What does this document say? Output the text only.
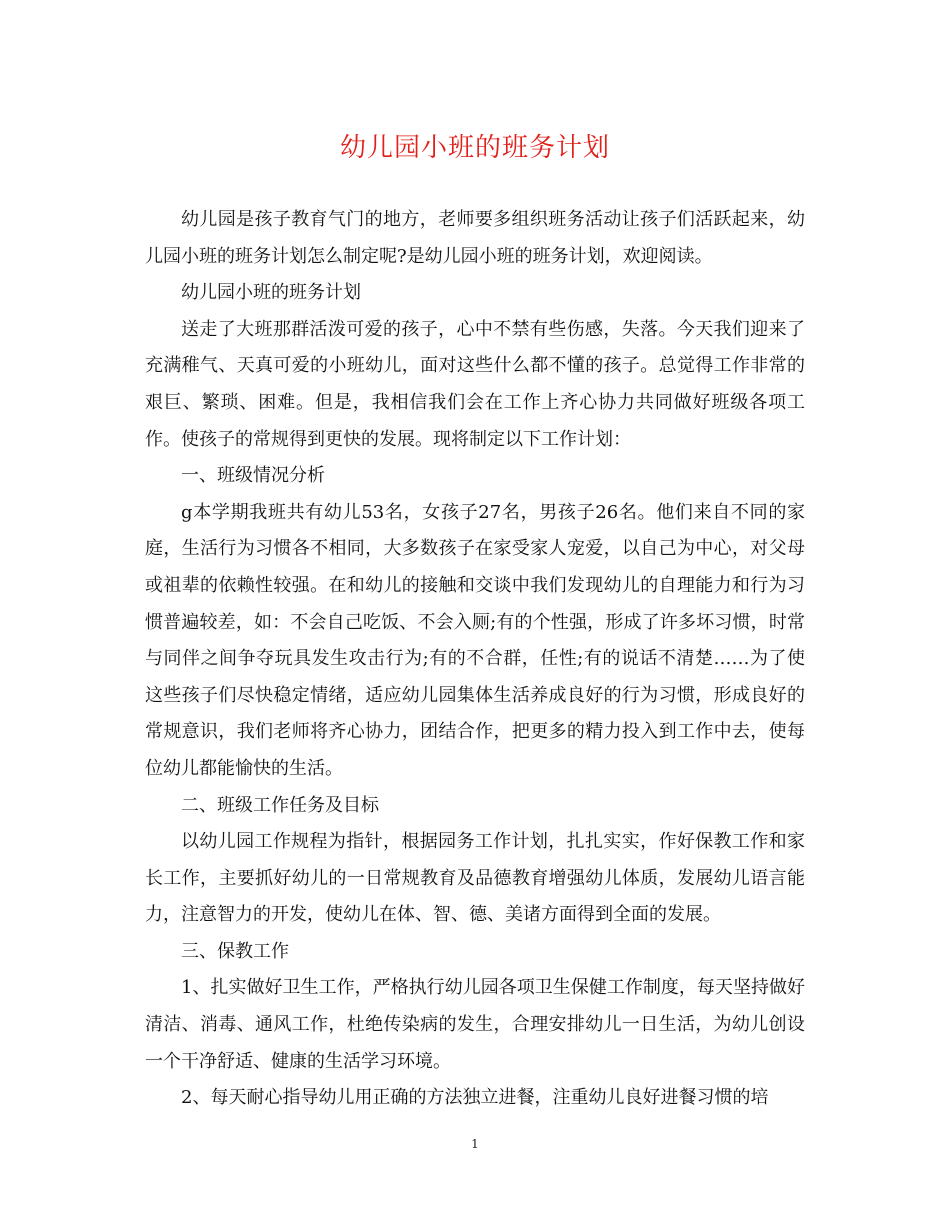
幼儿园小班的班务计划

幼儿园是孩子教育气门的地方，老师要多组织班务活动让孩子们活跃起来，幼儿园小班的班务计划怎么制定呢?是幼儿园小班的班务计划，欢迎阅读。

幼儿园小班的班务计划

送走了大班那群活泼可爱的孩子，心中不禁有些伤感，失落。今天我们迎来了充满稚气、天真可爱的小班幼儿，面对这些什么都不懂的孩子。总觉得工作非常的艰巨、繁琐、困难。但是，我相信我们会在工作上齐心协力共同做好班级各项工作。使孩子的常规得到更快的发展。现将制定以下工作计划：

一、班级情况分析

g本学期我班共有幼儿53名，女孩子27名，男孩子26名。他们来自不同的家庭，生活行为习惯各不相同，大多数孩子在家受家人宠爱，以自己为中心，对父母或祖辈的依赖性较强。在和幼儿的接触和交谈中我们发现幼儿的自理能力和行为习惯普遍较差，如：不会自己吃饭、不会入厕;有的个性强，形成了许多坏习惯，时常与同伴之间争夺玩具发生攻击行为;有的不合群，任性;有的说话不清楚……为了使这些孩子们尽快稳定情绪，适应幼儿园集体生活养成良好的行为习惯，形成良好的常规意识，我们老师将齐心协力，团结合作，把更多的精力投入到工作中去，使每位幼儿都能愉快的生活。

二、班级工作任务及目标

以幼儿园工作规程为指针，根据园务工作计划，扎扎实实，作好保教工作和家长工作，主要抓好幼儿的一日常规教育及品德教育增强幼儿体质，发展幼儿语言能力，注意智力的开发，使幼儿在体、智、德、美诸方面得到全面的发展。

三、保教工作

1、扎实做好卫生工作，严格执行幼儿园各项卫生保健工作制度，每天坚持做好清洁、消毒、通风工作，杜绝传染病的发生，合理安排幼儿一日生活，为幼儿创设一个干净舒适、健康的生活学习环境。

2、每天耐心指导幼儿用正确的方法独立进餐，注重幼儿良好进餐习惯的培

1
